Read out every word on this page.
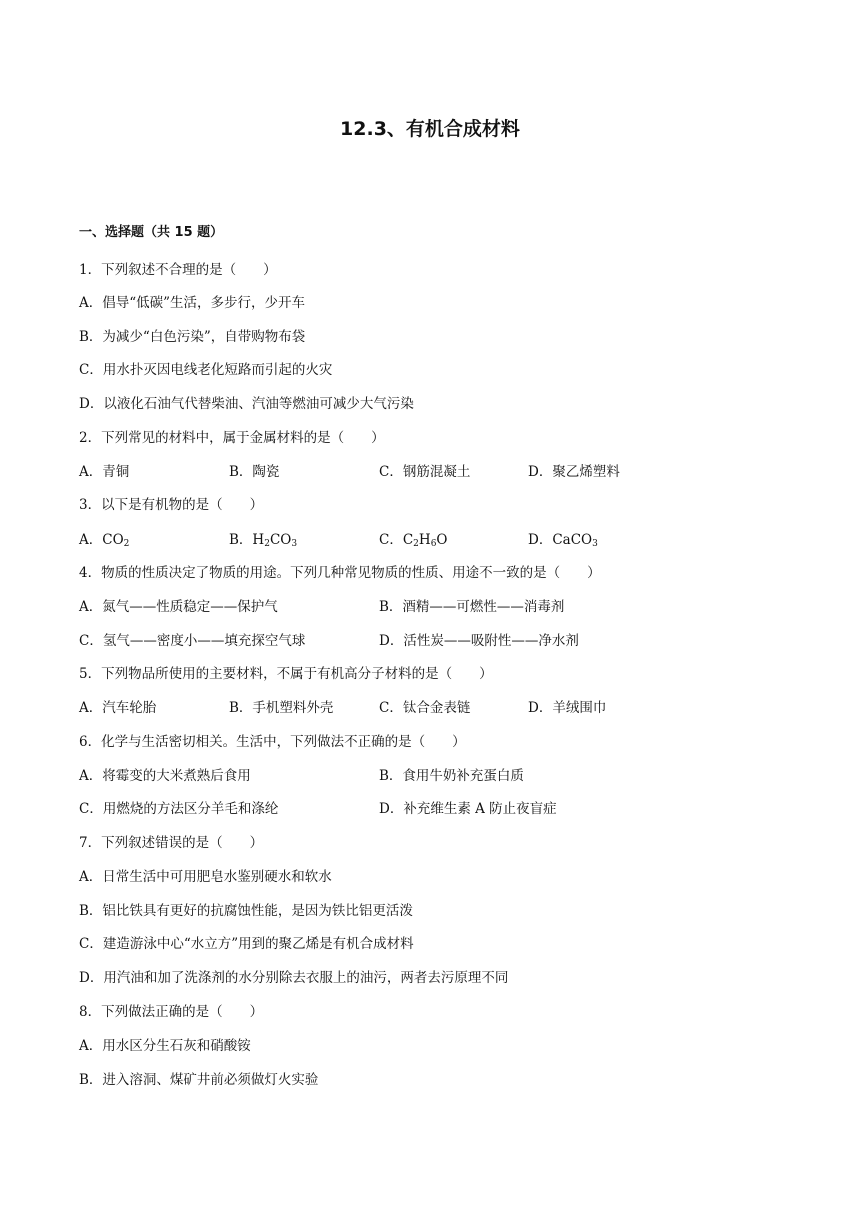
12.3、有机合成材料
一、选择题（共 15 题）
1．下列叙述不合理的是（　　）
A．倡导“低碳”生活，多步行，少开车
B．为减少“白色污染”，自带购物布袋
C．用水扑灭因电线老化短路而引起的火灾
D．以液化石油气代替柴油、汽油等燃油可减少大气污染
2．下列常见的材料中，属于金属材料的是（　　）
A．青铜	B．陶瓷	C．钢筋混凝土	D．聚乙烯塑料
3．以下是有机物的是（　　）
A．$CO_2$	B．$H_2CO_3$	C．$C_2H_6O$	D．CaCO$_3$
4．物质的性质决定了物质的用途。下列几种常见物质的性质、用途不一致的是（　　）
A．氮气——性质稳定——保护气	B．酒精——可燃性——消毒剂
C．氢气——密度小——填充探空气球	D．活性炭——吸附性——净水剂
5．下列物品所使用的主要材料，不属于有机高分子材料的是（　　）
A．汽车轮胎	B．手机塑料外壳	C．钛合金表链	D．羊绒围巾
6．化学与生活密切相关。生活中，下列做法不正确的是（　　）
A．将霉变的大米煮熟后食用	B．食用牛奶补充蛋白质
C．用燃烧的方法区分羊毛和涤纶	D．补充维生素 A 防止夜盲症
7．下列叙述错误的是（　　）
A．日常生活中可用肥皂水鉴别硬水和软水
B．铝比铁具有更好的抗腐蚀性能，是因为铁比铝更活泼
C．建造游泳中心“水立方”用到的聚乙烯是有机合成材料
D．用汽油和加了洗涤剂的水分别除去衣服上的油污，两者去污原理不同
8．下列做法正确的是（　　）
A．用水区分生石灰和硝酸铵
B．进入溶洞、煤矿井前必须做灯火实验
